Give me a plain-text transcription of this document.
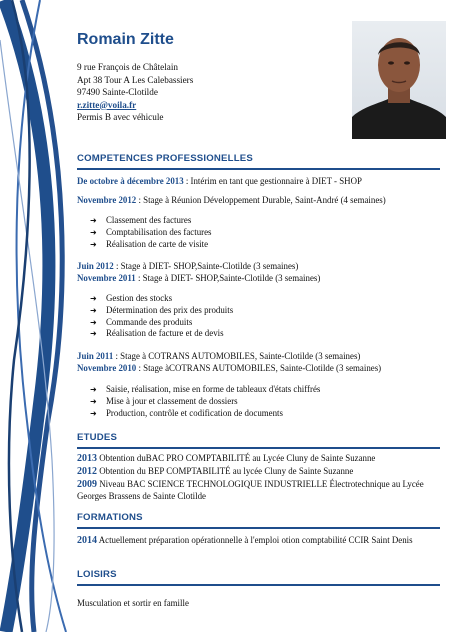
Romain Zitte
9 rue François de Châtelain
Apt 38 Tour A Les Calebassiers
97490 Sainte-Clotilde
r.zitte@voila.fr
Permis B avec véhicule
COMPETENCES PROFESSIONELLES
De octobre à décembre 2013 : Intérim en tant que gestionnaire à DIET - SHOP
Novembre 2012 : Stage à Réunion Développement Durable, Saint-André (4 semaines)
➜ Classement des factures
➜ Comptabilisation des factures
➜ Réalisation de carte de visite
Juin 2012 : Stage à DIET- SHOP,Sainte-Clotilde (3 semaines)
Novembre 2011 : Stage à DIET- SHOP,Sainte-Clotilde (3 semaines)
➜ Gestion des stocks
➜ Détermination des prix des produits
➜ Commande des produits
➜ Réalisation de facture et de devis
Juin 2011 : Stage à COTRANS AUTOMOBILES, Sainte-Clotilde (3 semaines)
Novembre 2010 : Stage àCOTRANS AUTOMOBILES, Sainte-Clotilde (3 semaines)
➜ Saisie, réalisation, mise en forme de tableaux d'états chiffrés
➜ Mise à jour et classement de dossiers
➜ Production, contrôle et codification de documents
ETUDES
2013 Obtention duBAC PRO COMPTABILITÉ au Lycée Cluny de Sainte Suzanne
2012 Obtention du BEP COMPTABILITÉ au lycée Cluny de Sainte Suzanne
2009 Niveau BAC SCIENCE TECHNOLOGIQUE INDUSTRIELLE Électrotechnique au Lycée Georges Brassens de Sainte Clotilde
FORMATIONS
2014 Actuellement préparation opérationnelle à l'emploi otion comptabilité CCIR Saint Denis
LOISIRS
Musculation et sortir en famille
